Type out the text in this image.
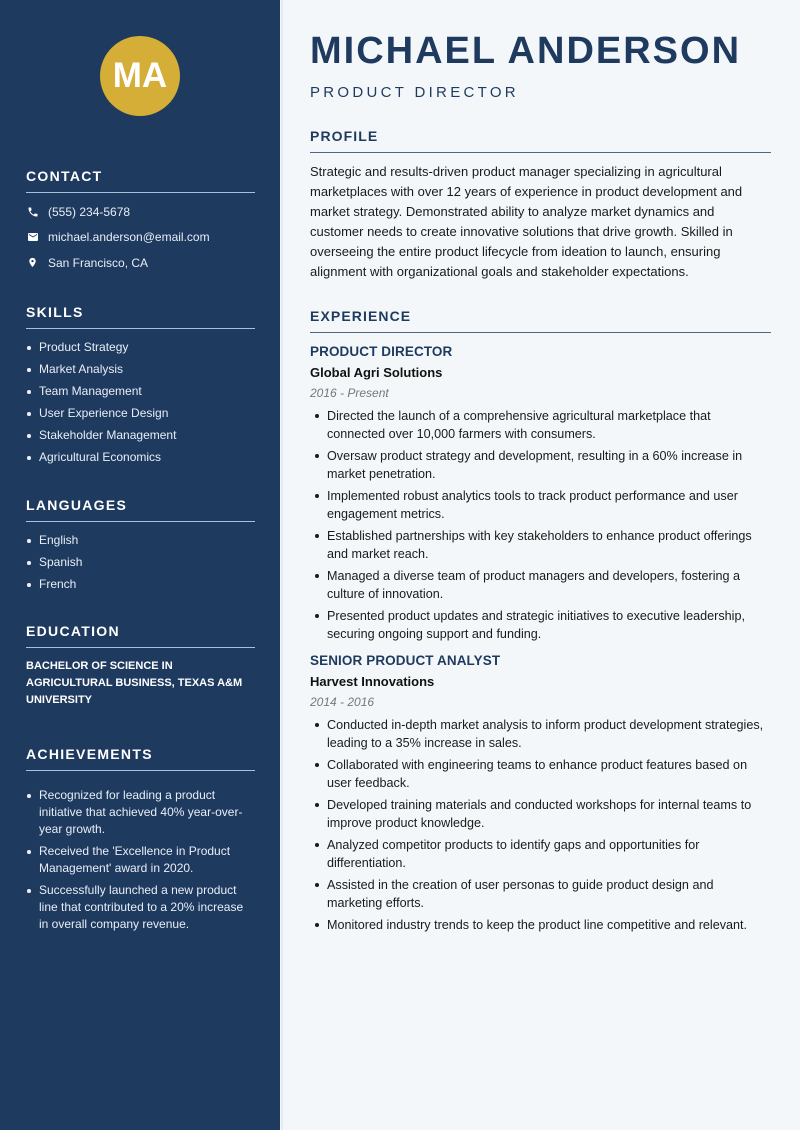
MA
CONTACT
(555) 234-5678
michael.anderson@email.com
San Francisco, CA
SKILLS
Product Strategy
Market Analysis
Team Management
User Experience Design
Stakeholder Management
Agricultural Economics
LANGUAGES
English
Spanish
French
EDUCATION
BACHELOR OF SCIENCE IN AGRICULTURAL BUSINESS, TEXAS A&M UNIVERSITY
ACHIEVEMENTS
Recognized for leading a product initiative that achieved 40% year-over-year growth.
Received the 'Excellence in Product Management' award in 2020.
Successfully launched a new product line that contributed to a 20% increase in overall company revenue.
MICHAEL ANDERSON
PRODUCT DIRECTOR
PROFILE
Strategic and results-driven product manager specializing in agricultural marketplaces with over 12 years of experience in product development and market strategy. Demonstrated ability to analyze market dynamics and customer needs to create innovative solutions that drive growth. Skilled in overseeing the entire product lifecycle from ideation to launch, ensuring alignment with organizational goals and stakeholder expectations.
EXPERIENCE
PRODUCT DIRECTOR
Global Agri Solutions
2016 - Present
Directed the launch of a comprehensive agricultural marketplace that connected over 10,000 farmers with consumers.
Oversaw product strategy and development, resulting in a 60% increase in market penetration.
Implemented robust analytics tools to track product performance and user engagement metrics.
Established partnerships with key stakeholders to enhance product offerings and market reach.
Managed a diverse team of product managers and developers, fostering a culture of innovation.
Presented product updates and strategic initiatives to executive leadership, securing ongoing support and funding.
SENIOR PRODUCT ANALYST
Harvest Innovations
2014 - 2016
Conducted in-depth market analysis to inform product development strategies, leading to a 35% increase in sales.
Collaborated with engineering teams to enhance product features based on user feedback.
Developed training materials and conducted workshops for internal teams to improve product knowledge.
Analyzed competitor products to identify gaps and opportunities for differentiation.
Assisted in the creation of user personas to guide product design and marketing efforts.
Monitored industry trends to keep the product line competitive and relevant.
